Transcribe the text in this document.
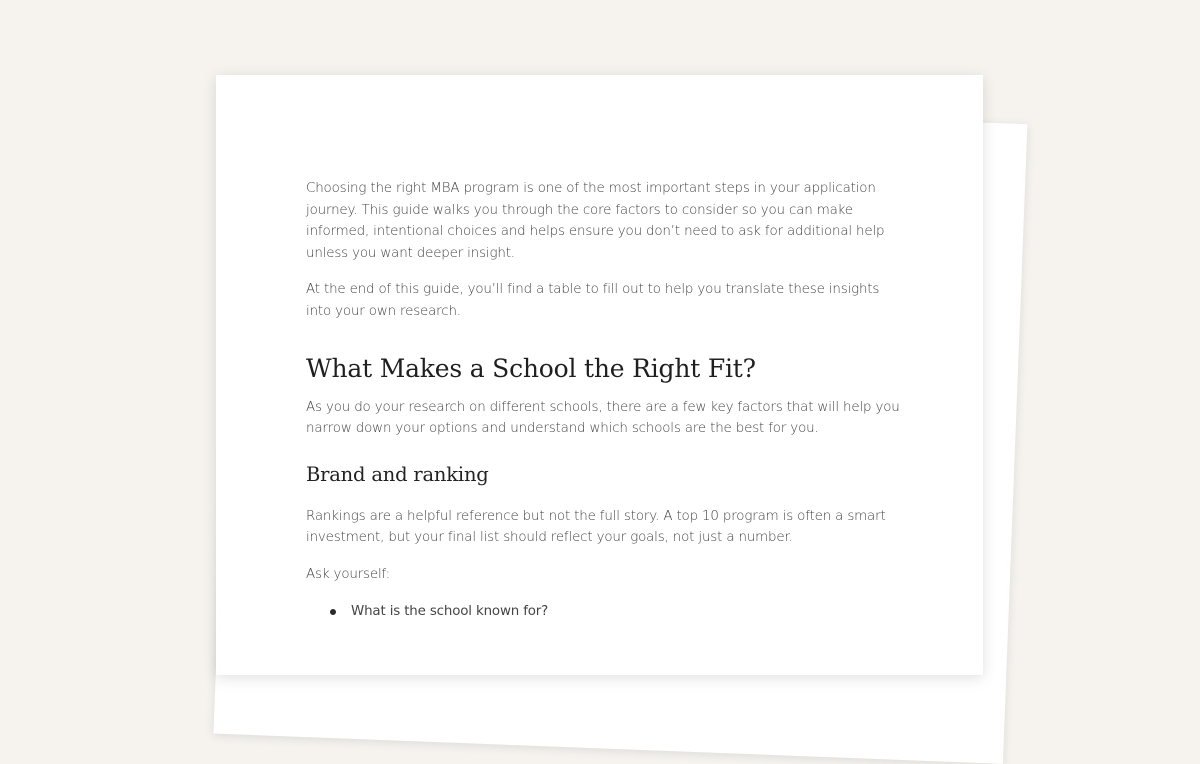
Choosing the right MBA program is one of the most important steps in your application journey. This guide walks you through the core factors to consider so you can make informed, intentional choices and helps ensure you don’t need to ask for additional help unless you want deeper insight.

At the end of this guide, you’ll find a table to fill out to help you translate these insights into your own research.

What Makes a School the Right Fit?

As you do your research on different schools, there are a few key factors that will help you narrow down your options and understand which schools are the best for you.

Brand and ranking

Rankings are a helpful reference but not the full story. A top 10 program is often a smart investment, but your final list should reflect your goals, not just a number.

Ask yourself:

What is the school known for?
